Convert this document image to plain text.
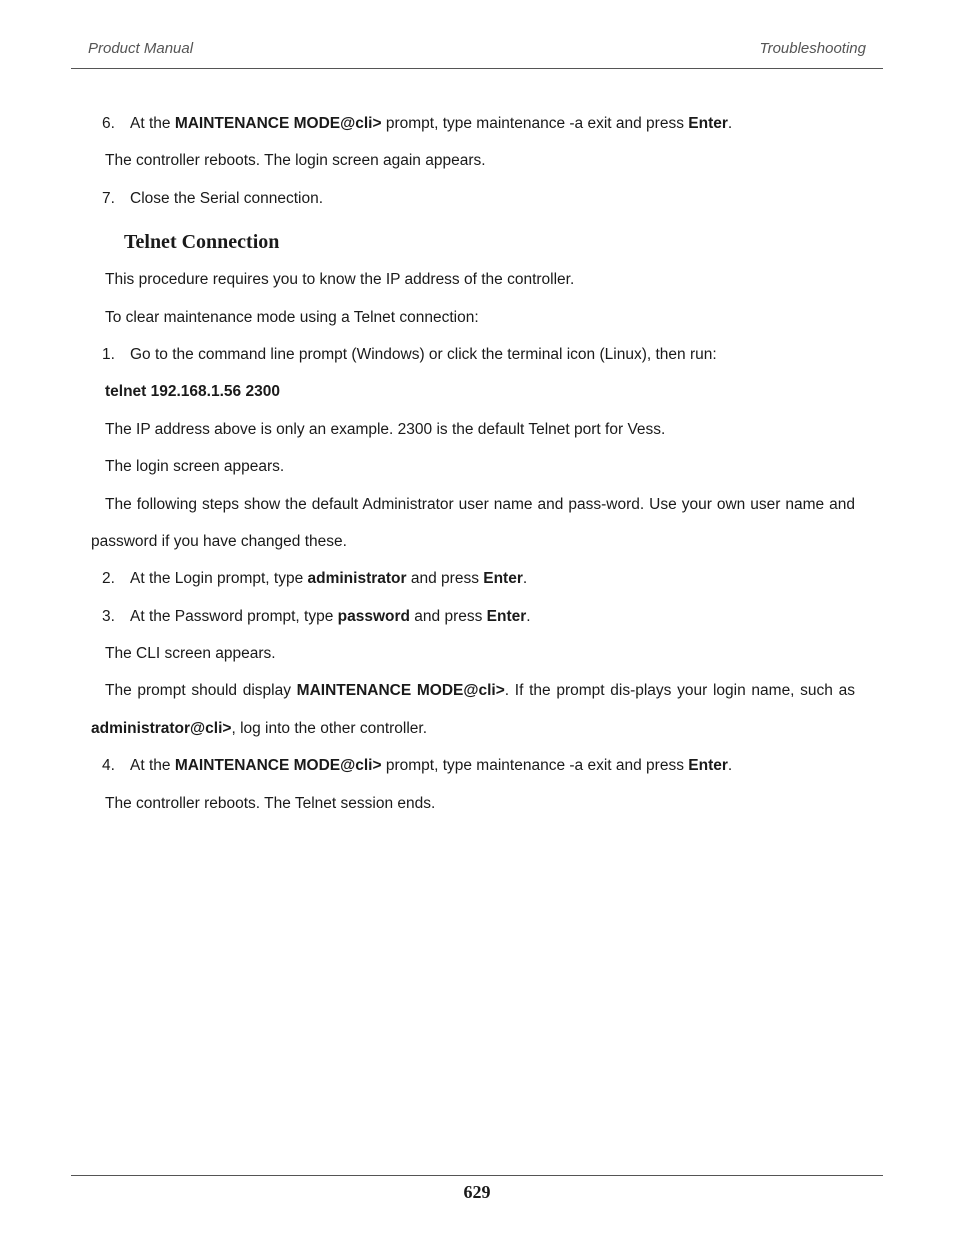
Product Manual	Troubleshooting
6. At the MAINTENANCE MODE@cli> prompt, type maintenance -a exit and press Enter.
The controller reboots. The login screen again appears.
7. Close the Serial connection.
Telnet Connection
This procedure requires you to know the IP address of the controller.
To clear maintenance mode using a Telnet connection:
1. Go to the command line prompt (Windows) or click the terminal icon (Linux), then run:
telnet 192.168.1.56 2300
The IP address above is only an example. 2300 is the default Telnet port for Vess.
The login screen appears.
The following steps show the default Administrator user name and pass-word. Use your own user name and
password if you have changed these.
2. At the Login prompt, type administrator and press Enter.
3. At the Password prompt, type password and press Enter.
The CLI screen appears.
The prompt should display MAINTENANCE MODE@cli>. If the prompt dis-plays your login name, such as
administrator@cli>, log into the other controller.
4. At the MAINTENANCE MODE@cli> prompt, type maintenance -a exit and press Enter.
The controller reboots. The Telnet session ends.
629
